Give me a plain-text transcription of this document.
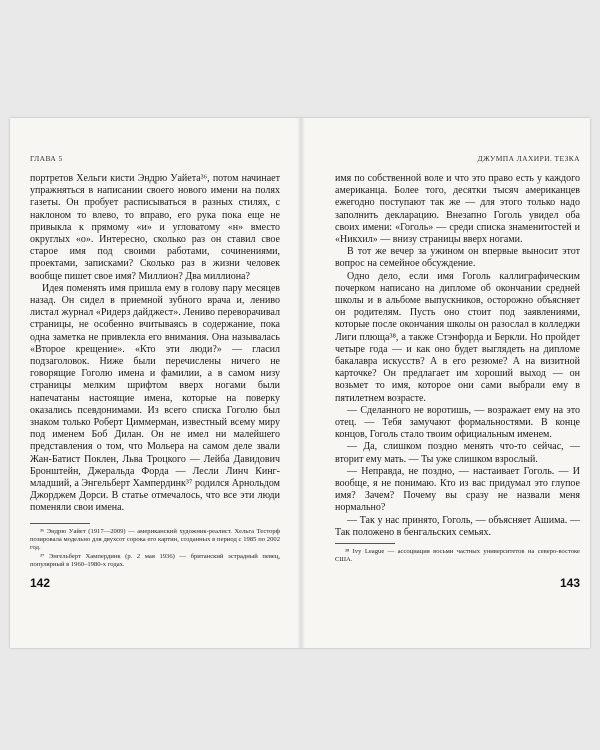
ГЛАВА 5

портретов Хельги кисти Эндрю Уайета³⁶, потом начинает упражняться в написании своего нового имени на полях газеты. Он пробует расписываться в разных стилях, с наклоном то влево, то вправо, его рука пока еще не привыкла к прямому «и» и угловатому «н» вместо округлых «о». Интересно, сколько раз он ставил свое старое имя под своими работами, сочинениями, проектами, записками? Сколько раз в жизни человек вообще пишет свое имя? Миллион? Два миллиона?

Идея поменять имя пришла ему в голову пару месяцев назад. Он сидел в приемной зубного врача и, лениво листал журнал «Ридерз дайджест». Лениво переворачивал страницы, не особенно вчитываясь в содержание, пока одна заметка не привлекла его внимания. Она называлась «Второе крещение». «Кто эти люди?» — гласил подзаголовок. Ниже были перечислены ничего не говорящие Гоголю имена и фамилии, а в самом низу страницы мелким шрифтом вверх ногами были напечатаны настоящие имена, которые на поверку оказались псевдонимами. Из всего списка Гоголю был знаком только Роберт Циммерман, известный всему миру под именем Боб Дилан. Он не имел ни малейшего представления о том, что Мольера на самом деле звали Жан-Батист Поклен, Льва Троцкого — Лейба Давидович Бронштейн, Джеральда Форда — Лесли Линч Кинг-младший, а Энгельберт Хампердинк³⁷ родился Арнольдом Джорджем Дорси. В статье отмечалось, что все эти люди поменяли свои имена.

³⁶ Эндрю Уайет (1917—2009) — американский художник-реалист. Хельга Тесторф позировала модельно для двухсот сорока его картин, созданных в период с 1985 по 2002 год.

³⁷ Энгельберт Хампердинк (р. 2 мая 1936) — британский эстрадный певец, популярный в 1960–1980-х годах.

142
ДЖУМПА ЛАХИРИ. ТЕЗКА

имя по собственной воле и что это право есть у каждого американца. Более того, десятки тысяч американцев ежегодно поступают так же — для этого только надо заполнить декларацию. Внезапно Гоголь увидел оба своих имени: «Гоголь» — среди списка знаменитостей и «Никхил» — внизу страницы вверх ногами.

В тот же вечер за ужином он впервые выносит этот вопрос на семейное обсуждение.

Одно дело, если имя Гоголь каллиграфическим почерком написано на дипломе об окончании средней школы и в альбоме выпускников, осторожно объясняет он родителям. Пусть оно стоит под заявлениями, которые после окончания школы он разослал в колледжи Лиги плюща³⁸, а также Стэнфорда и Беркли. Но пройдет четыре года — и как оно будет выглядеть на дипломе бакалавра искусств? А в его резюме? А на визитной карточке? Он предлагает им хороший выход — он возьмет то имя, которое они сами выбрали ему в пятилетнем возрасте.

— Сделанного не воротишь, — возражает ему на это отец. — Тебя замучают формальностями. В конце концов, Гоголь стало твоим официальным именем.

— Да, слишком поздно менять что-то сейчас, — вторит ему мать. — Ты уже слишком взрослый.

— Неправда, не поздно, — настаивает Гоголь. — И вообще, я не понимаю. Кто из вас придумал это глупое имя? Зачем? Почему вы сразу не назвали меня нормально?

— Так у нас принято, Гоголь, — объясняет Ашима. — Так положено в бенгальских семьях.

³⁸ Ivy League — ассоциация восьми частных университетов на северо-востоке США.

143
